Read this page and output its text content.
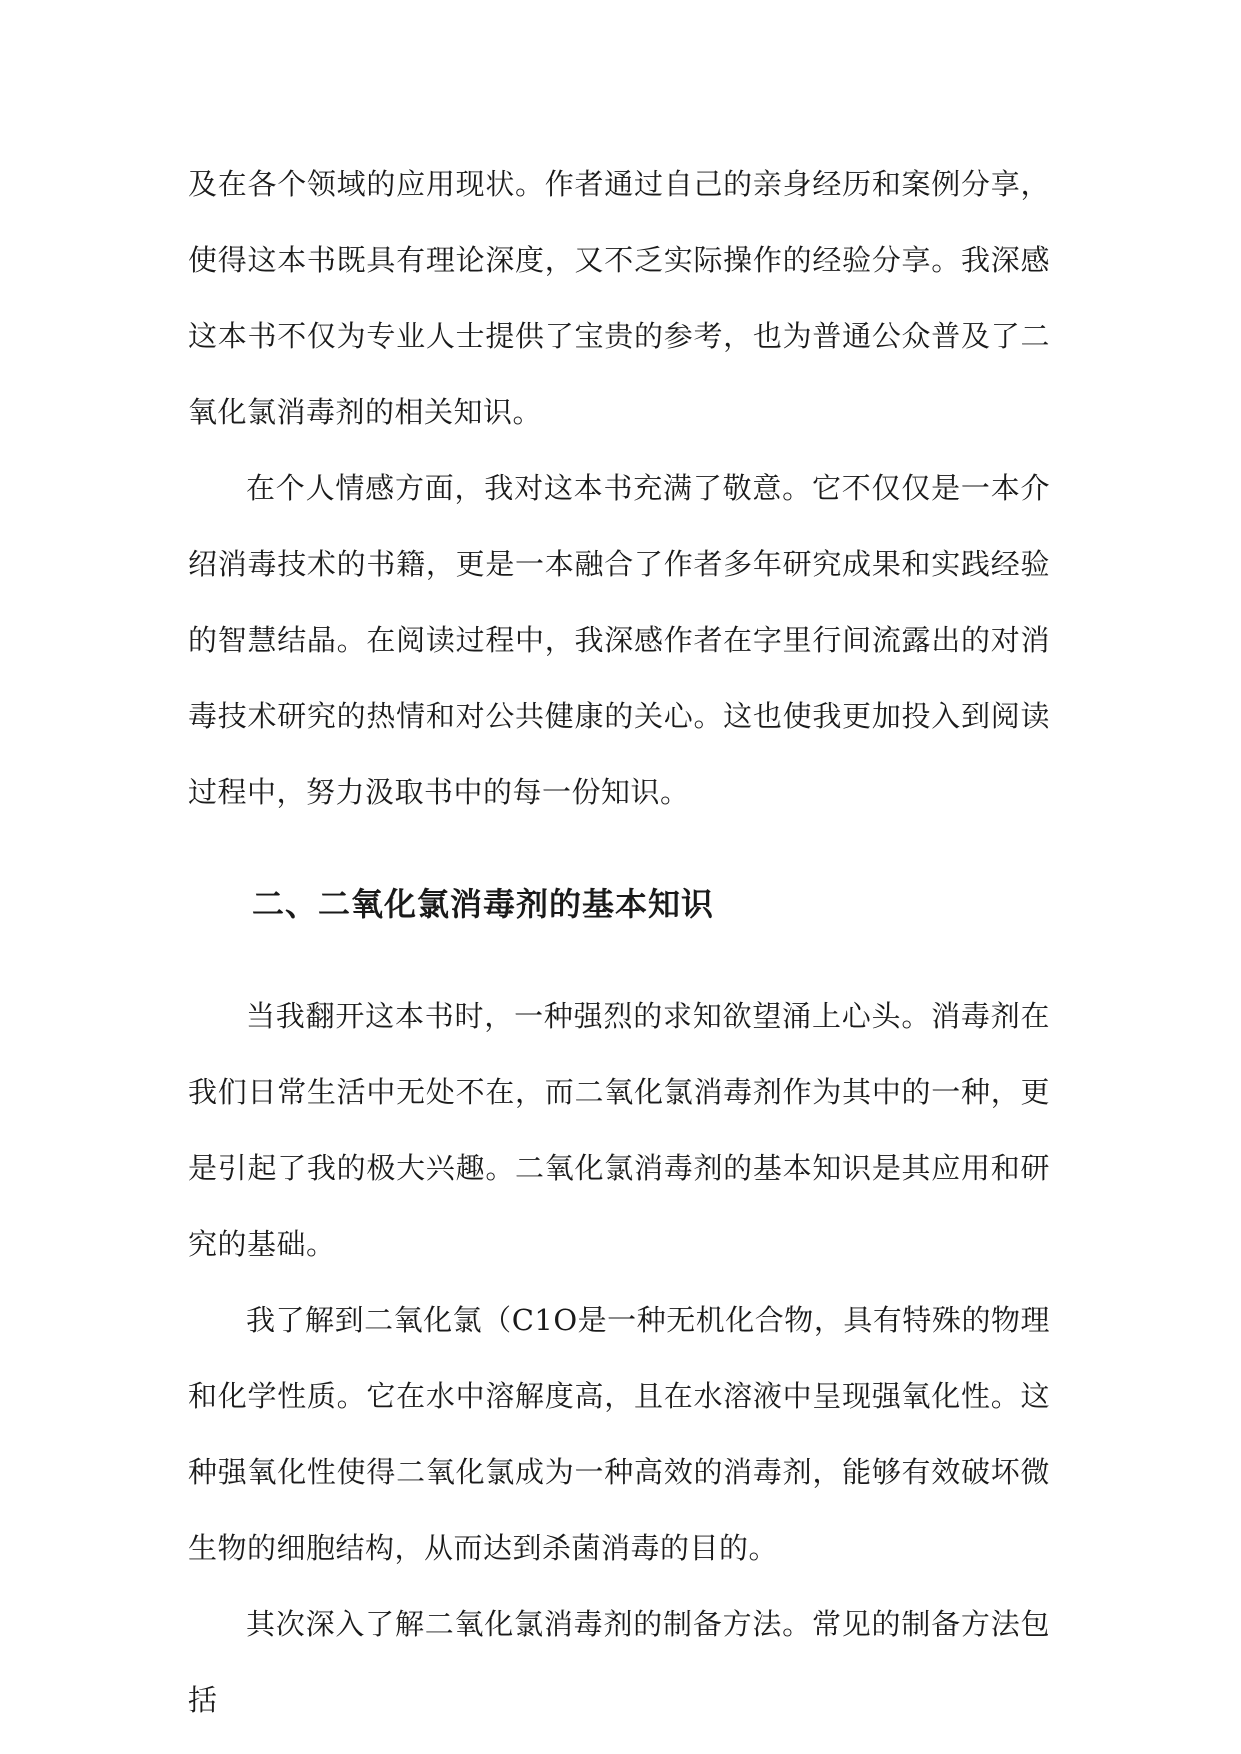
及在各个领域的应用现状。作者通过自己的亲身经历和案例分享，使得这本书既具有理论深度，又不乏实际操作的经验分享。我深感这本书不仅为专业人士提供了宝贵的参考，也为普通公众普及了二氧化氯消毒剂的相关知识。

在个人情感方面，我对这本书充满了敬意。它不仅仅是一本介绍消毒技术的书籍，更是一本融合了作者多年研究成果和实践经验的智慧结晶。在阅读过程中，我深感作者在字里行间流露出的对消毒技术研究的热情和对公共健康的关心。这也使我更加投入到阅读过程中，努力汲取书中的每一份知识。

二、二氧化氯消毒剂的基本知识

当我翻开这本书时，一种强烈的求知欲望涌上心头。消毒剂在我们日常生活中无处不在，而二氧化氯消毒剂作为其中的一种，更是引起了我的极大兴趣。二氧化氯消毒剂的基本知识是其应用和研究的基础。

我了解到二氧化氯（C1O是一种无机化合物，具有特殊的物理和化学性质。它在水中溶解度高，且在水溶液中呈现强氧化性。这种强氧化性使得二氧化氯成为一种高效的消毒剂，能够有效破坏微生物的细胞结构，从而达到杀菌消毒的目的。

其次深入了解二氧化氯消毒剂的制备方法。常见的制备方法包括
